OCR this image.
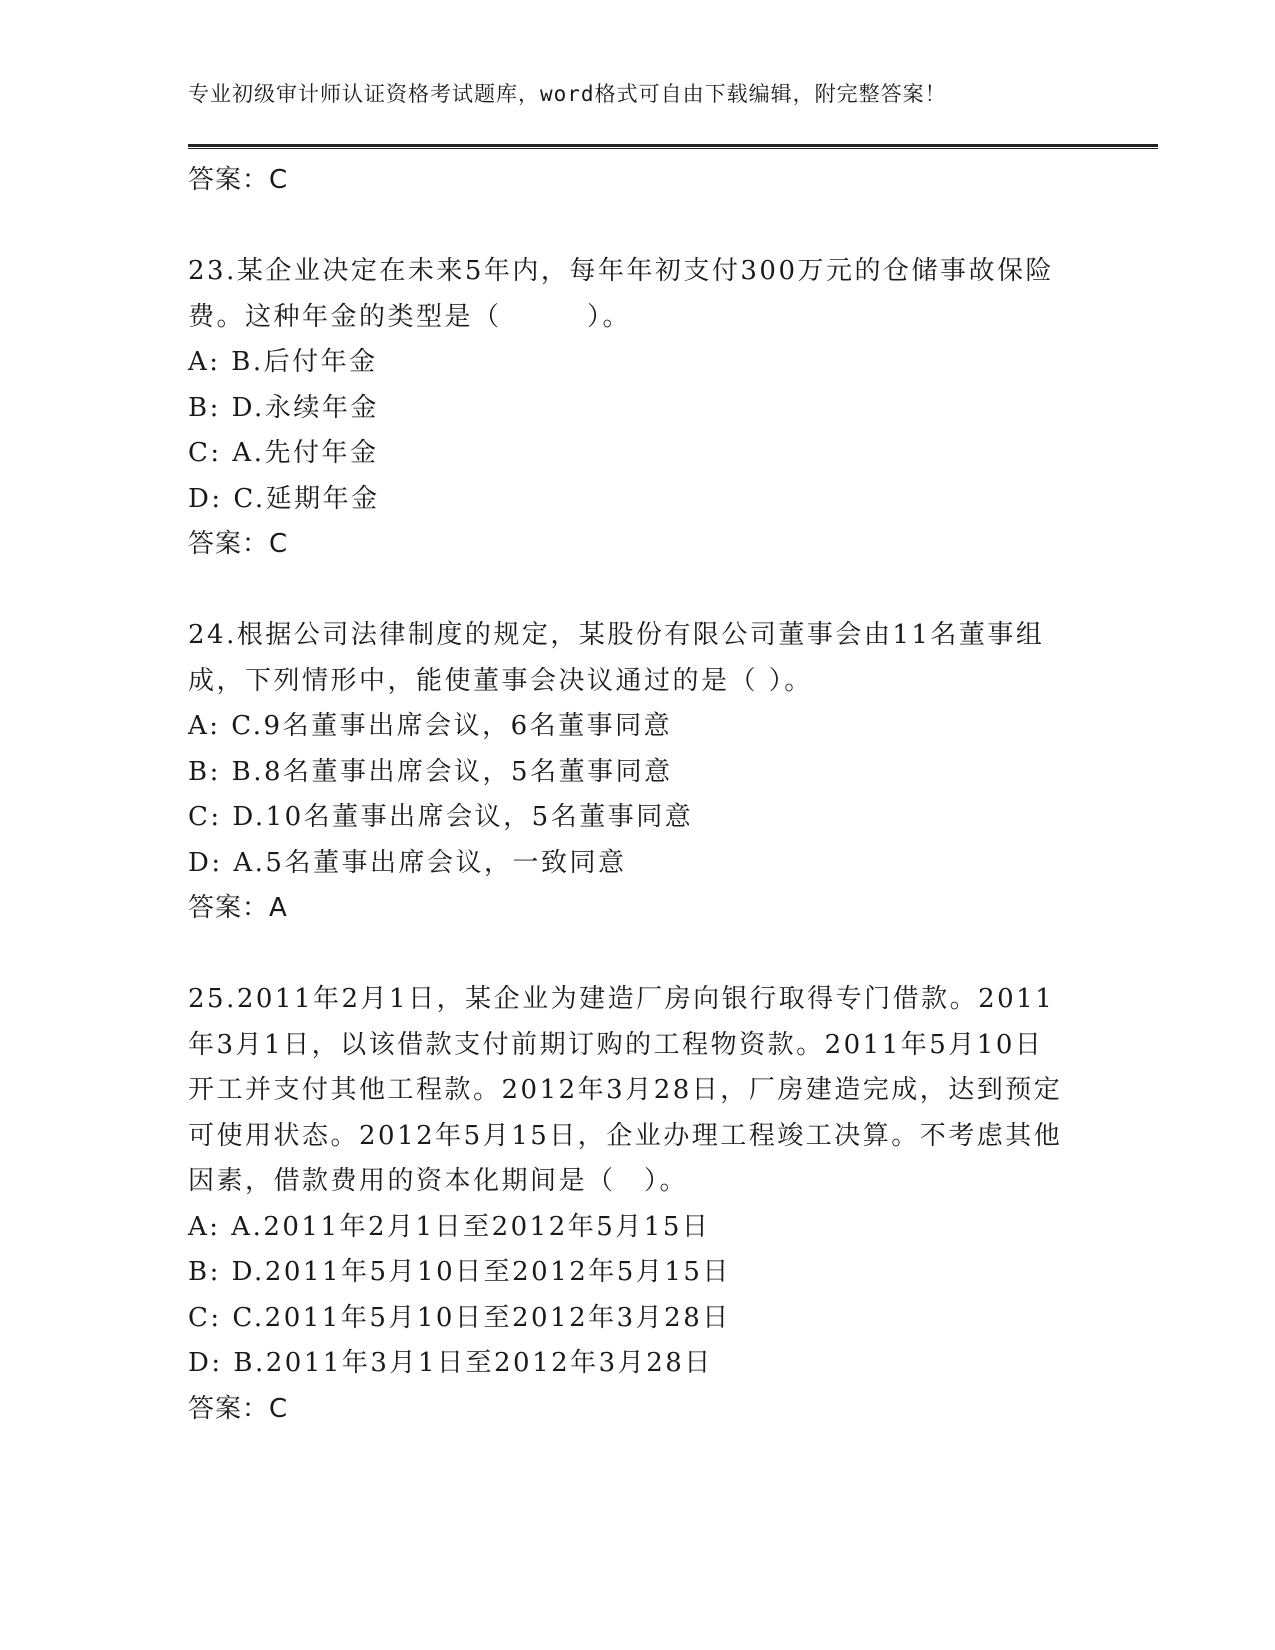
专业初级审计师认证资格考试题库，word格式可自由下载编辑，附完整答案！
答案：C
23.某企业决定在未来5年内，每年年初支付300万元的仓储事故保险
费。这种年金的类型是（　　　）。
A: B.后付年金
B: D.永续年金
C: A.先付年金
D: C.延期年金
答案：C
24.根据公司法律制度的规定，某股份有限公司董事会由11名董事组
成，下列情形中，能使董事会决议通过的是（ ）。
A: C.9名董事出席会议，6名董事同意
B: B.8名董事出席会议，5名董事同意
C: D.10名董事出席会议，5名董事同意
D: A.5名董事出席会议，一致同意
答案：A
25.2011年2月1日，某企业为建造厂房向银行取得专门借款。2011
年3月1日，以该借款支付前期订购的工程物资款。2011年5月10日
开工并支付其他工程款。2012年3月28日，厂房建造完成，达到预定
可使用状态。2012年5月15日，企业办理工程竣工决算。不考虑其他
因素，借款费用的资本化期间是（　）。
A: A.2011年2月1日至2012年5月15日
B: D.2011年5月10日至2012年5月15日
C: C.2011年5月10日至2012年3月28日
D: B.2011年3月1日至2012年3月28日
答案：C
